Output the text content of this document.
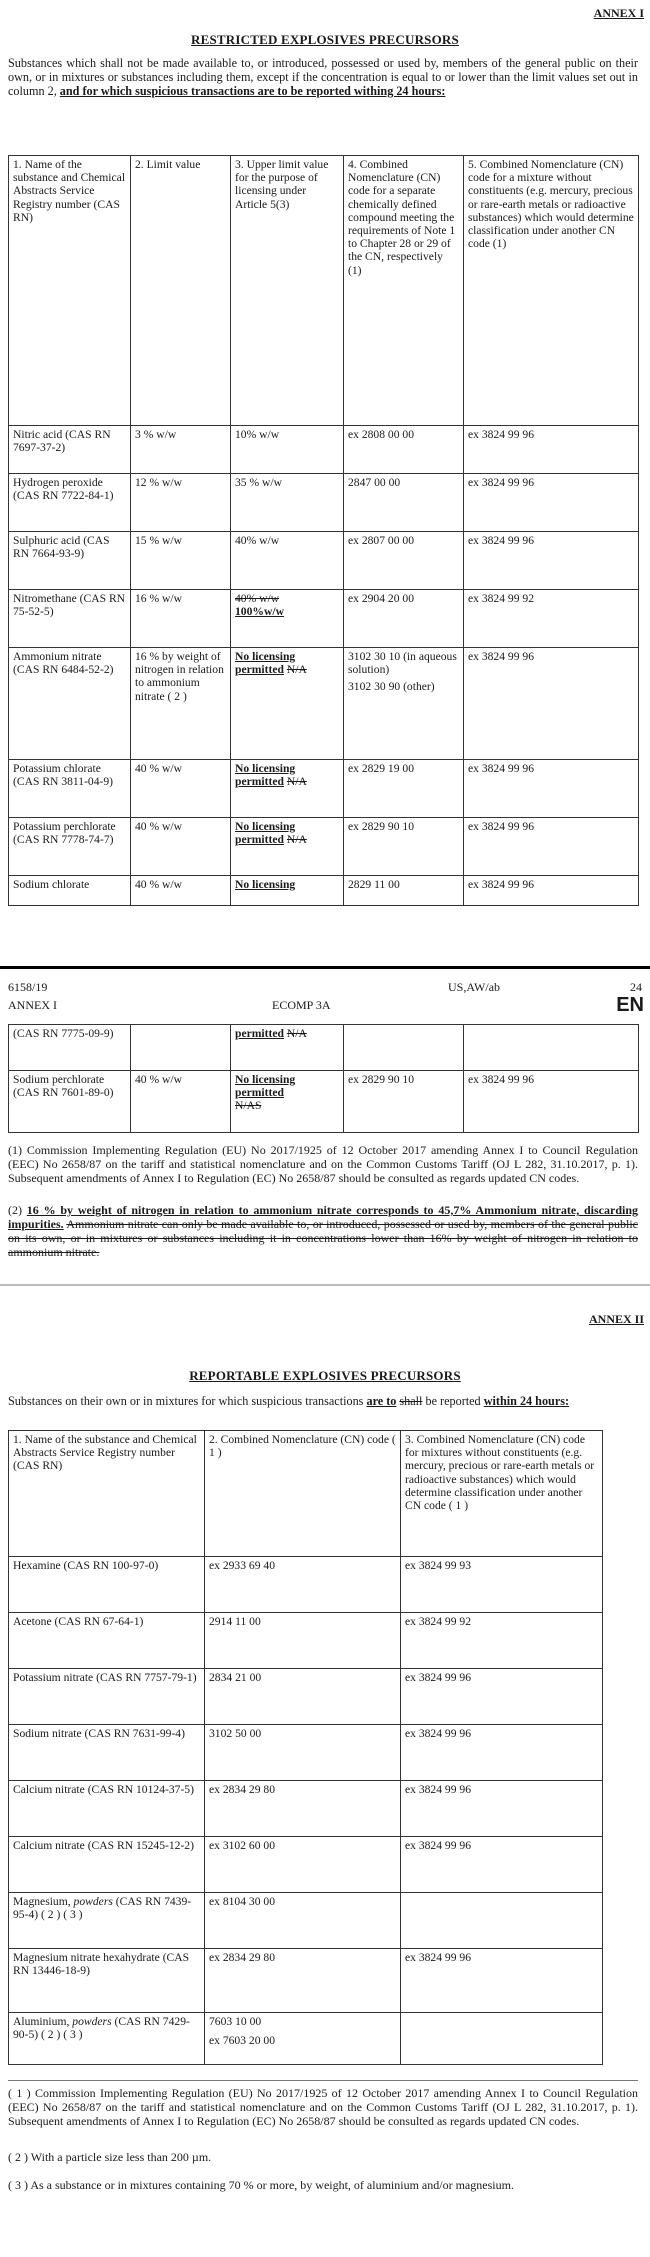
ANNEX I
RESTRICTED EXPLOSIVES PRECURSORS
Substances which shall not be made available to, or introduced, possessed or used by, members of the general public on their own, or in mixtures or substances including them, except if the concentration is equal to or lower than the limit values set out in column 2, and for which suspicious transactions are to be reported withing 24 hours:
1. Name of the substance and Chemical Abstracts Service Registry number (CAS RN)	2. Limit value	3. Upper limit value for the purpose of licensing under Article 5(3)	4. Combined Nomenclature (CN) code for a separate chemically defined compound meeting the requirements of Note 1 to Chapter 28 or 29 of the CN, respectively (1)	5. Combined Nomenclature (CN) code for a mixture without constituents (e.g. mercury, precious or rare-earth metals or radioactive substances) which would determine classification under another CN code (1)
Nitric acid (CAS RN 7697-37-2)	3 % w/w	10% w/w	ex 2808 00 00	ex 3824 99 96
Hydrogen peroxide (CAS RN 7722-84-1)	12 % w/w	35 % w/w	2847 00 00	ex 3824 99 96
Sulphuric acid (CAS RN 7664-93-9)	15 % w/w	40% w/w	ex 2807 00 00	ex 3824 99 96
Nitromethane (CAS RN 75-52-5)	16 % w/w	40% w/w
100%w/w	ex 2904 20 00	ex 3824 99 92
Ammonium nitrate (CAS RN 6484-52-2)	16 % by weight of nitrogen in relation to ammonium nitrate ( 2 )	No licensing permitted N/A	3102 30 10 (in aqueous solution)
3102 30 90 (other)	ex 3824 99 96
Potassium chlorate (CAS RN 3811-04-9)	40 % w/w	No licensing permitted N/A	ex 2829 19 00	ex 3824 99 96
Potassium perchlorate (CAS RN 7778-74-7)	40 % w/w	No licensing permitted N/A	ex 2829 90 10	ex 3824 99 96
Sodium chlorate	40 % w/w	No licensing	2829 11 00	ex 3824 99 96
6158/19	US,AW/ab	24
ANNEX I	ECOMP 3A	EN
(CAS RN 7775-09-9)		permitted N/A		
Sodium perchlorate (CAS RN 7601-89-0)	40 % w/w	No licensing permitted
N/AS	ex 2829 90 10	ex 3824 99 96
(1) Commission Implementing Regulation (EU) No 2017/1925 of 12 October 2017 amending Annex I to Council Regulation (EEC) No 2658/87 on the tariff and statistical nomenclature and on the Common Customs Tariff (OJ L 282, 31.10.2017, p. 1). Subsequent amendments of Annex I to Regulation (EC) No 2658/87 should be consulted as regards updated CN codes.
(2) 16 % by weight of nitrogen in relation to ammonium nitrate corresponds to 45,7% Ammonium nitrate, discarding impurities. Ammonium nitrate can only be made available to, or introduced, possessed or used by, members of the general public on its own, or in mixtures or substances including it in concentrations lower than 16% by weight of nitrogen in relation to ammonium nitrate.
ANNEX II
REPORTABLE EXPLOSIVES PRECURSORS
Substances on their own or in mixtures for which suspicious transactions are to shall be reported within 24 hours:
1. Name of the substance and Chemical Abstracts Service Registry number (CAS RN)	2. Combined Nomenclature (CN) code ( 1 )	3. Combined Nomenclature (CN) code for mixtures without constituents (e.g. mercury, precious or rare-earth metals or radioactive substances) which would determine classification under another CN code ( 1 )
Hexamine (CAS RN 100-97-0)	ex 2933 69 40	ex 3824 99 93
Acetone (CAS RN 67-64-1)	2914 11 00	ex 3824 99 92
Potassium nitrate (CAS RN 7757-79-1)	2834 21 00	ex 3824 99 96
Sodium nitrate (CAS RN 7631-99-4)	3102 50 00	ex 3824 99 96
Calcium nitrate (CAS RN 10124-37-5)	ex 2834 29 80	ex 3824 99 96
Calcium nitrate (CAS RN 15245-12-2)	ex 3102 60 00	ex 3824 99 96
Magnesium, powders (CAS RN 7439-95-4) ( 2 ) ( 3 )	ex 8104 30 00	
Magnesium nitrate hexahydrate (CAS RN 13446-18-9)	ex 2834 29 80	ex 3824 99 96
Aluminium, powders (CAS RN 7429-90-5) ( 2 ) ( 3 )	7603 10 00
ex 7603 20 00	

( 1 ) Commission Implementing Regulation (EU) No 2017/1925 of 12 October 2017 amending Annex I to Council Regulation (EEC) No 2658/87 on the tariff and statistical nomenclature and on the Common Customs Tariff (OJ L 282, 31.10.2017, p. 1). Subsequent amendments of Annex I to Regulation (EC) No 2658/87 should be consulted as regards updated CN codes.
( 2 ) With a particle size less than 200 µm.
( 3 ) As a substance or in mixtures containing 70 % or more, by weight, of aluminium and/or magnesium.
